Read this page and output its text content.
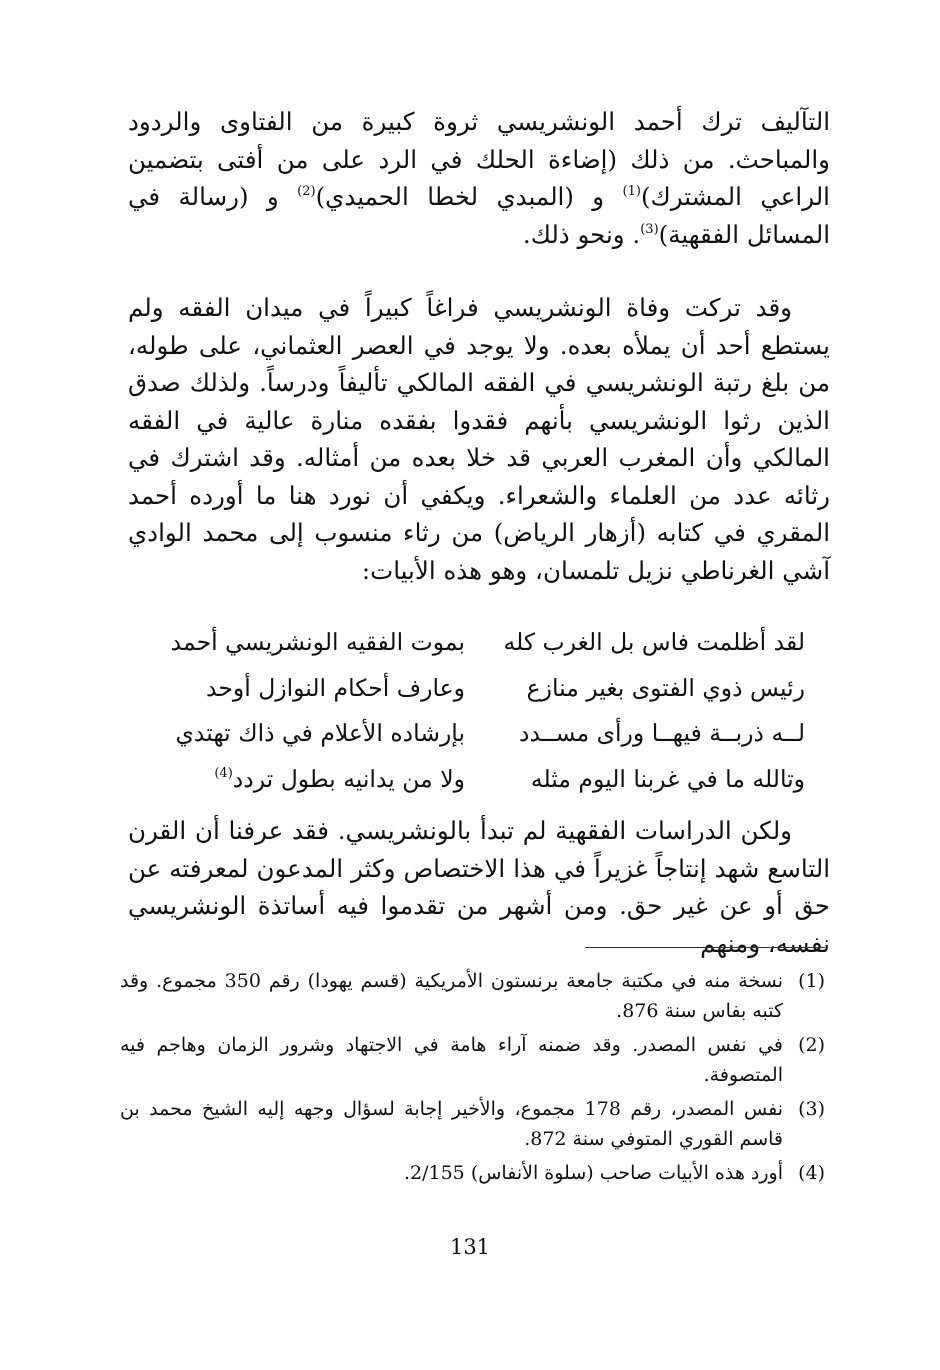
التآليف ترك أحمد الونشريسي ثروة كبيرة من الفتاوى والردود والمباحث. من ذلك (إضاءة الحلك في الرد على من أفتى بتضمين الراعي المشترك)$^{(1)}$ و (المبدي لخطا الحميدي)$^{(2)}$ و (رسالة في المسائل الفقهية)$^{(3)}$. ونحو ذلك.

وقد تركت وفاة الونشريسي فراغاً كبيراً في ميدان الفقه ولم يستطع أحد أن يملأه بعده. ولا يوجد في العصر العثماني، على طوله، من بلغ رتبة الونشريسي في الفقه المالكي تأليفاً ودرساً. ولذلك صدق الذين رثوا الونشريسي بأنهم فقدوا بفقده منارة عالية في الفقه المالكي وأن المغرب العربي قد خلا بعده من أمثاله. وقد اشترك في رثائه عدد من العلماء والشعراء. ويكفي أن نورد هنا ما أورده أحمد المقري في كتابه (أزهار الرياض) من رثاء منسوب إلى محمد الوادي آشي الغرناطي نزيل تلمسان، وهو هذه الأبيات:

لقد أظلمت فاس بل الغرب كله
بموت الفقيه الونشريسي أحمد
رئيس ذوي الفتوى بغير منازع
وعارف أحكام النوازل أوحد
لــه ذربــة فيهــا ورأى مســدد
بإرشاده الأعلام في ذاك تهتدي
وتالله ما في غربنا اليوم مثله
ولا من يدانيه بطول تردد$^{(4)}$

ولكن الدراسات الفقهية لم تبدأ بالونشريسي. فقد عرفنا أن القرن التاسع شهد إنتاجاً غزيراً في هذا الاختصاص وكثر المدعون لمعرفته عن حق أو عن غير حق. ومن أشهر من تقدموا فيه أساتذة الونشريسي نفسه، ومنهم

(1)
نسخة منه في مكتبة جامعة برنستون الأمريكية (قسم يهودا) رقم 350 مجموع. وقد كتبه بفاس سنة 876.
(2)
في نفس المصدر. وقد ضمنه آراء هامة في الاجتهاد وشرور الزمان وهاجم فيه المتصوفة.
(3)
نفس المصدر، رقم 178 مجموع، والأخير إجابة لسؤال وجهه إليه الشيخ محمد بن قاسم القوري المتوفي سنة 872.
(4)
أورد هذه الأبيات صاحب (سلوة الأنفاس) 2/155.
131
